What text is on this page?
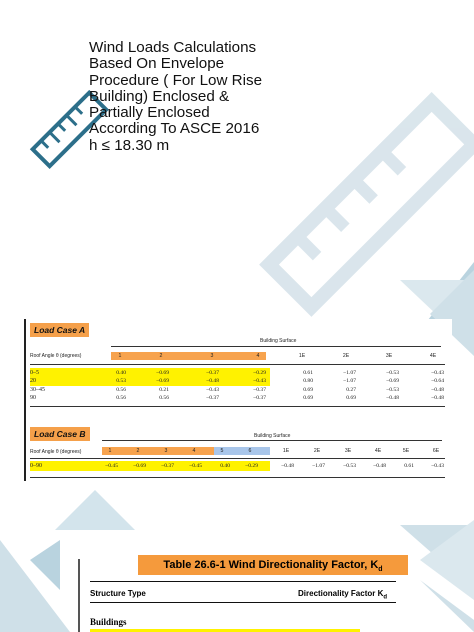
Wind Loads Calculations
Based On Envelope
Procedure ( For Low Rise
Building) Enclosed &
Partially Enclosed
According To ASCE 2016
h ≤ 18.30 m
Load Case A
Building Surface
Roof Angle θ (degrees)	1	2	3	4	1E	2E	3E	4E
0–5	0.40	−0.69	−0.37	−0.29	0.61	−1.07	−0.53	−0.43
20	0.53	−0.69	−0.48	−0.43	0.80	−1.07	−0.69	−0.64
30–45	0.56	0.21	−0.43	−0.37	0.69	0.27	−0.53	−0.48
90	0.56	0.56	−0.37	−0.37	0.69	0.69	−0.48	−0.48
Load Case B	Building Surface
Roof Angle θ (degrees)	1	2	3	4	5	6	1E	2E	3E	4E	5E	6E
0–90	−0.45	−0.69	−0.37	−0.45	0.40	−0.29	−0.48	−1.07	−0.53	−0.48	0.61	−0.43
Table 26.6-1 Wind Directionality Factor, $K_d$
Structure Type	Directionality Factor $K_d$
Buildings
